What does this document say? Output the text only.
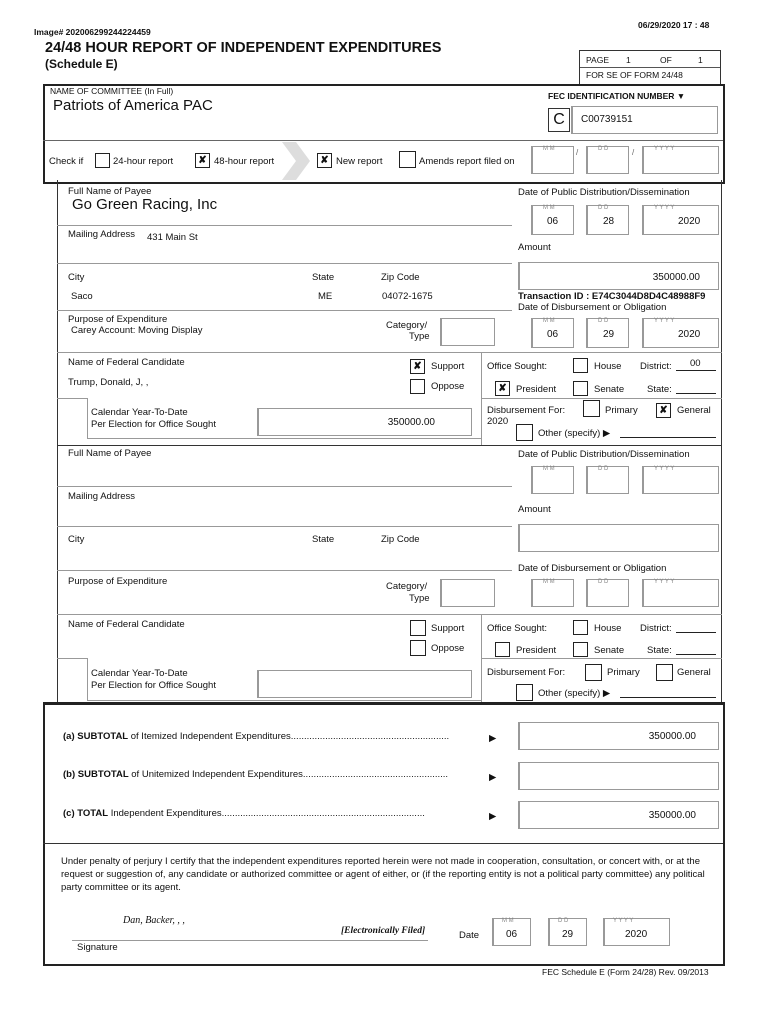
Image# 202006299244224459
06/29/2020 17 : 48
24/48 HOUR REPORT OF INDEPENDENT EXPENDITURES
(Schedule E)	PAGE 1	OF	1
FOR SE OF FORM 24/48
NAME OF COMMITTEE (In Full)
Patriots of America PAC
FEC IDENTIFICATION NUMBER ▼
C	C00739151
Check if	24-hour report	✘ 48-hour report	✘ New report	Amends report filed on
M M	/	D D	/	Y Y Y Y
Full Name of Payee
Go Green Racing, Inc
Date of Public Distribution/Dissemination
M M
06
D D
28
Y Y Y Y
2020
Mailing Address 431 Main St
Amount
350000.00
City	State	Zip Code
Saco	ME	04072-1675	Transaction ID : E74C3044D8D4C48988F9
Date of Disbursement or Obligation
Purpose of Expenditure
Carey Account: Moving Display	Category/
Type
M M
06
D D
29
Y Y Y Y
2020
Name of Federal Candidate
Trump, Donald, J, ,
✘ Support
Oppose
Office Sought:	House District: 00
✘ President	Senate State:
Calendar Year-To-Date
Per Election for Office Sought	350000.00
Disbursement For:
2020
Primary	✘ General
Other (specify) ▶
Full Name of Payee	Date of Public Distribution/Dissemination
M M	D D	Y Y Y Y
Mailing Address
Amount
City	State	Zip Code
Date of Disbursement or Obligation
Purpose of Expenditure	Category/
Type
M M	D D	Y Y Y Y
Name of Federal Candidate	Support
Oppose
Office Sought:	House District:
President	Senate State:
Calendar Year-To-Date
Per Election for Office Sought
Disbursement For:	Primary	General
Other (specify) ▶
(a) SUBTOTAL of Itemized Independent Expenditures............................................................	▶	350000.00
(b) SUBTOTAL of Unitemized Independent Expenditures.......................................................	▶
(c) TOTAL Independent Expenditures.............................................................................	▶	350000.00
Under penalty of perjury I certify that the independent expenditures reported herein were not made in cooperation, consultation, or concert with, or at the request or suggestion of, any candidate or authorized committee or agent of either, or (if the reporting entity is not a political party committee) any political party committee or its agent.
Dan, Backer, , ,
[Electronically Filed]
Signature
Date
M M
06
D D
29
Y Y Y Y
2020
FEC Schedule E (Form 24/28) Rev. 09/2013
